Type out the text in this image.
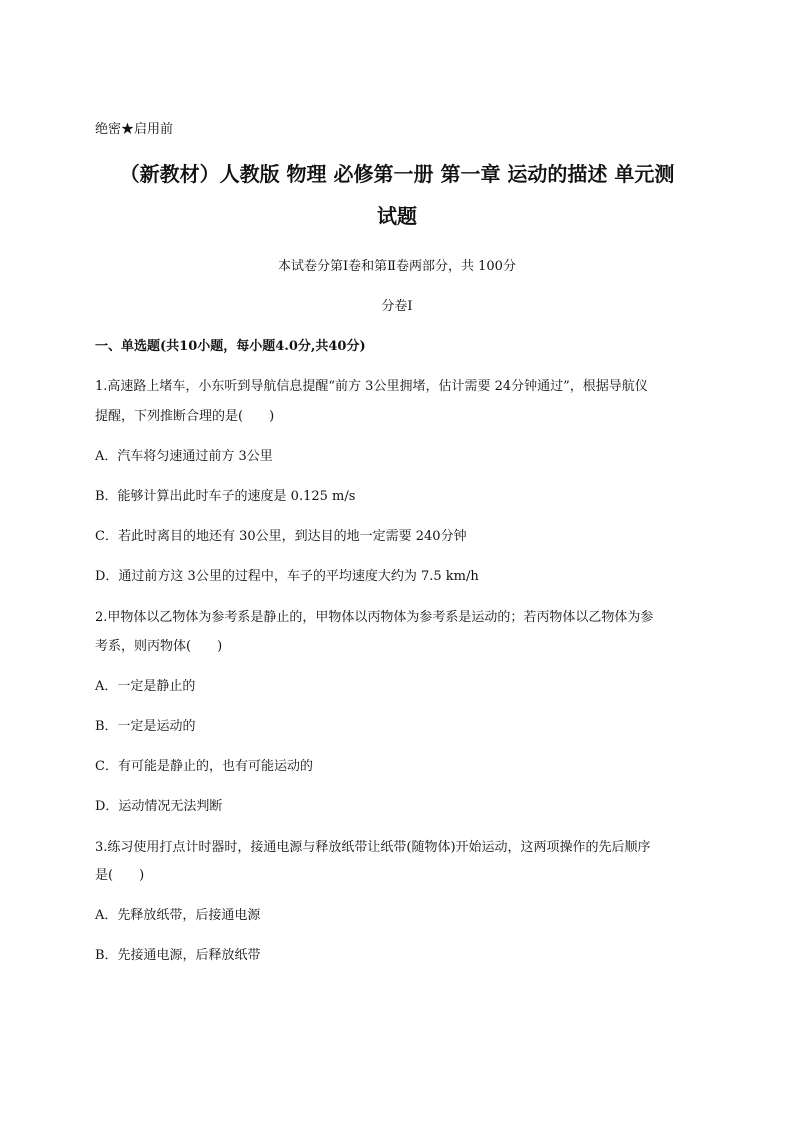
绝密★启用前
（新教材）人教版 物理 必修第一册 第一章 运动的描述 单元测
试题
本试卷分第Ⅰ卷和第Ⅱ卷两部分，共 100分
分卷I
一、单选题(共10小题，每小题4.0分,共40分)
1.高速路上堵车，小东听到导航信息提醒“前方 3公里拥堵，估计需要 24分钟通过”，根据导航仪
提醒，下列推断合理的是(　　)
A．汽车将匀速通过前方 3公里
B．能够计算出此时车子的速度是 0.125 m/s
C．若此时离目的地还有 30公里，到达目的地一定需要 240分钟
D．通过前方这 3公里的过程中，车子的平均速度大约为 7.5 km/h
2.甲物体以乙物体为参考系是静止的，甲物体以丙物体为参考系是运动的；若丙物体以乙物体为参
考系，则丙物体(　　)
A．一定是静止的
B．一定是运动的
C．有可能是静止的，也有可能运动的
D．运动情况无法判断
3.练习使用打点计时器时，接通电源与释放纸带让纸带(随物体)开始运动，这两项操作的先后顺序
是(　　)
A．先释放纸带，后接通电源
B．先接通电源，后释放纸带
